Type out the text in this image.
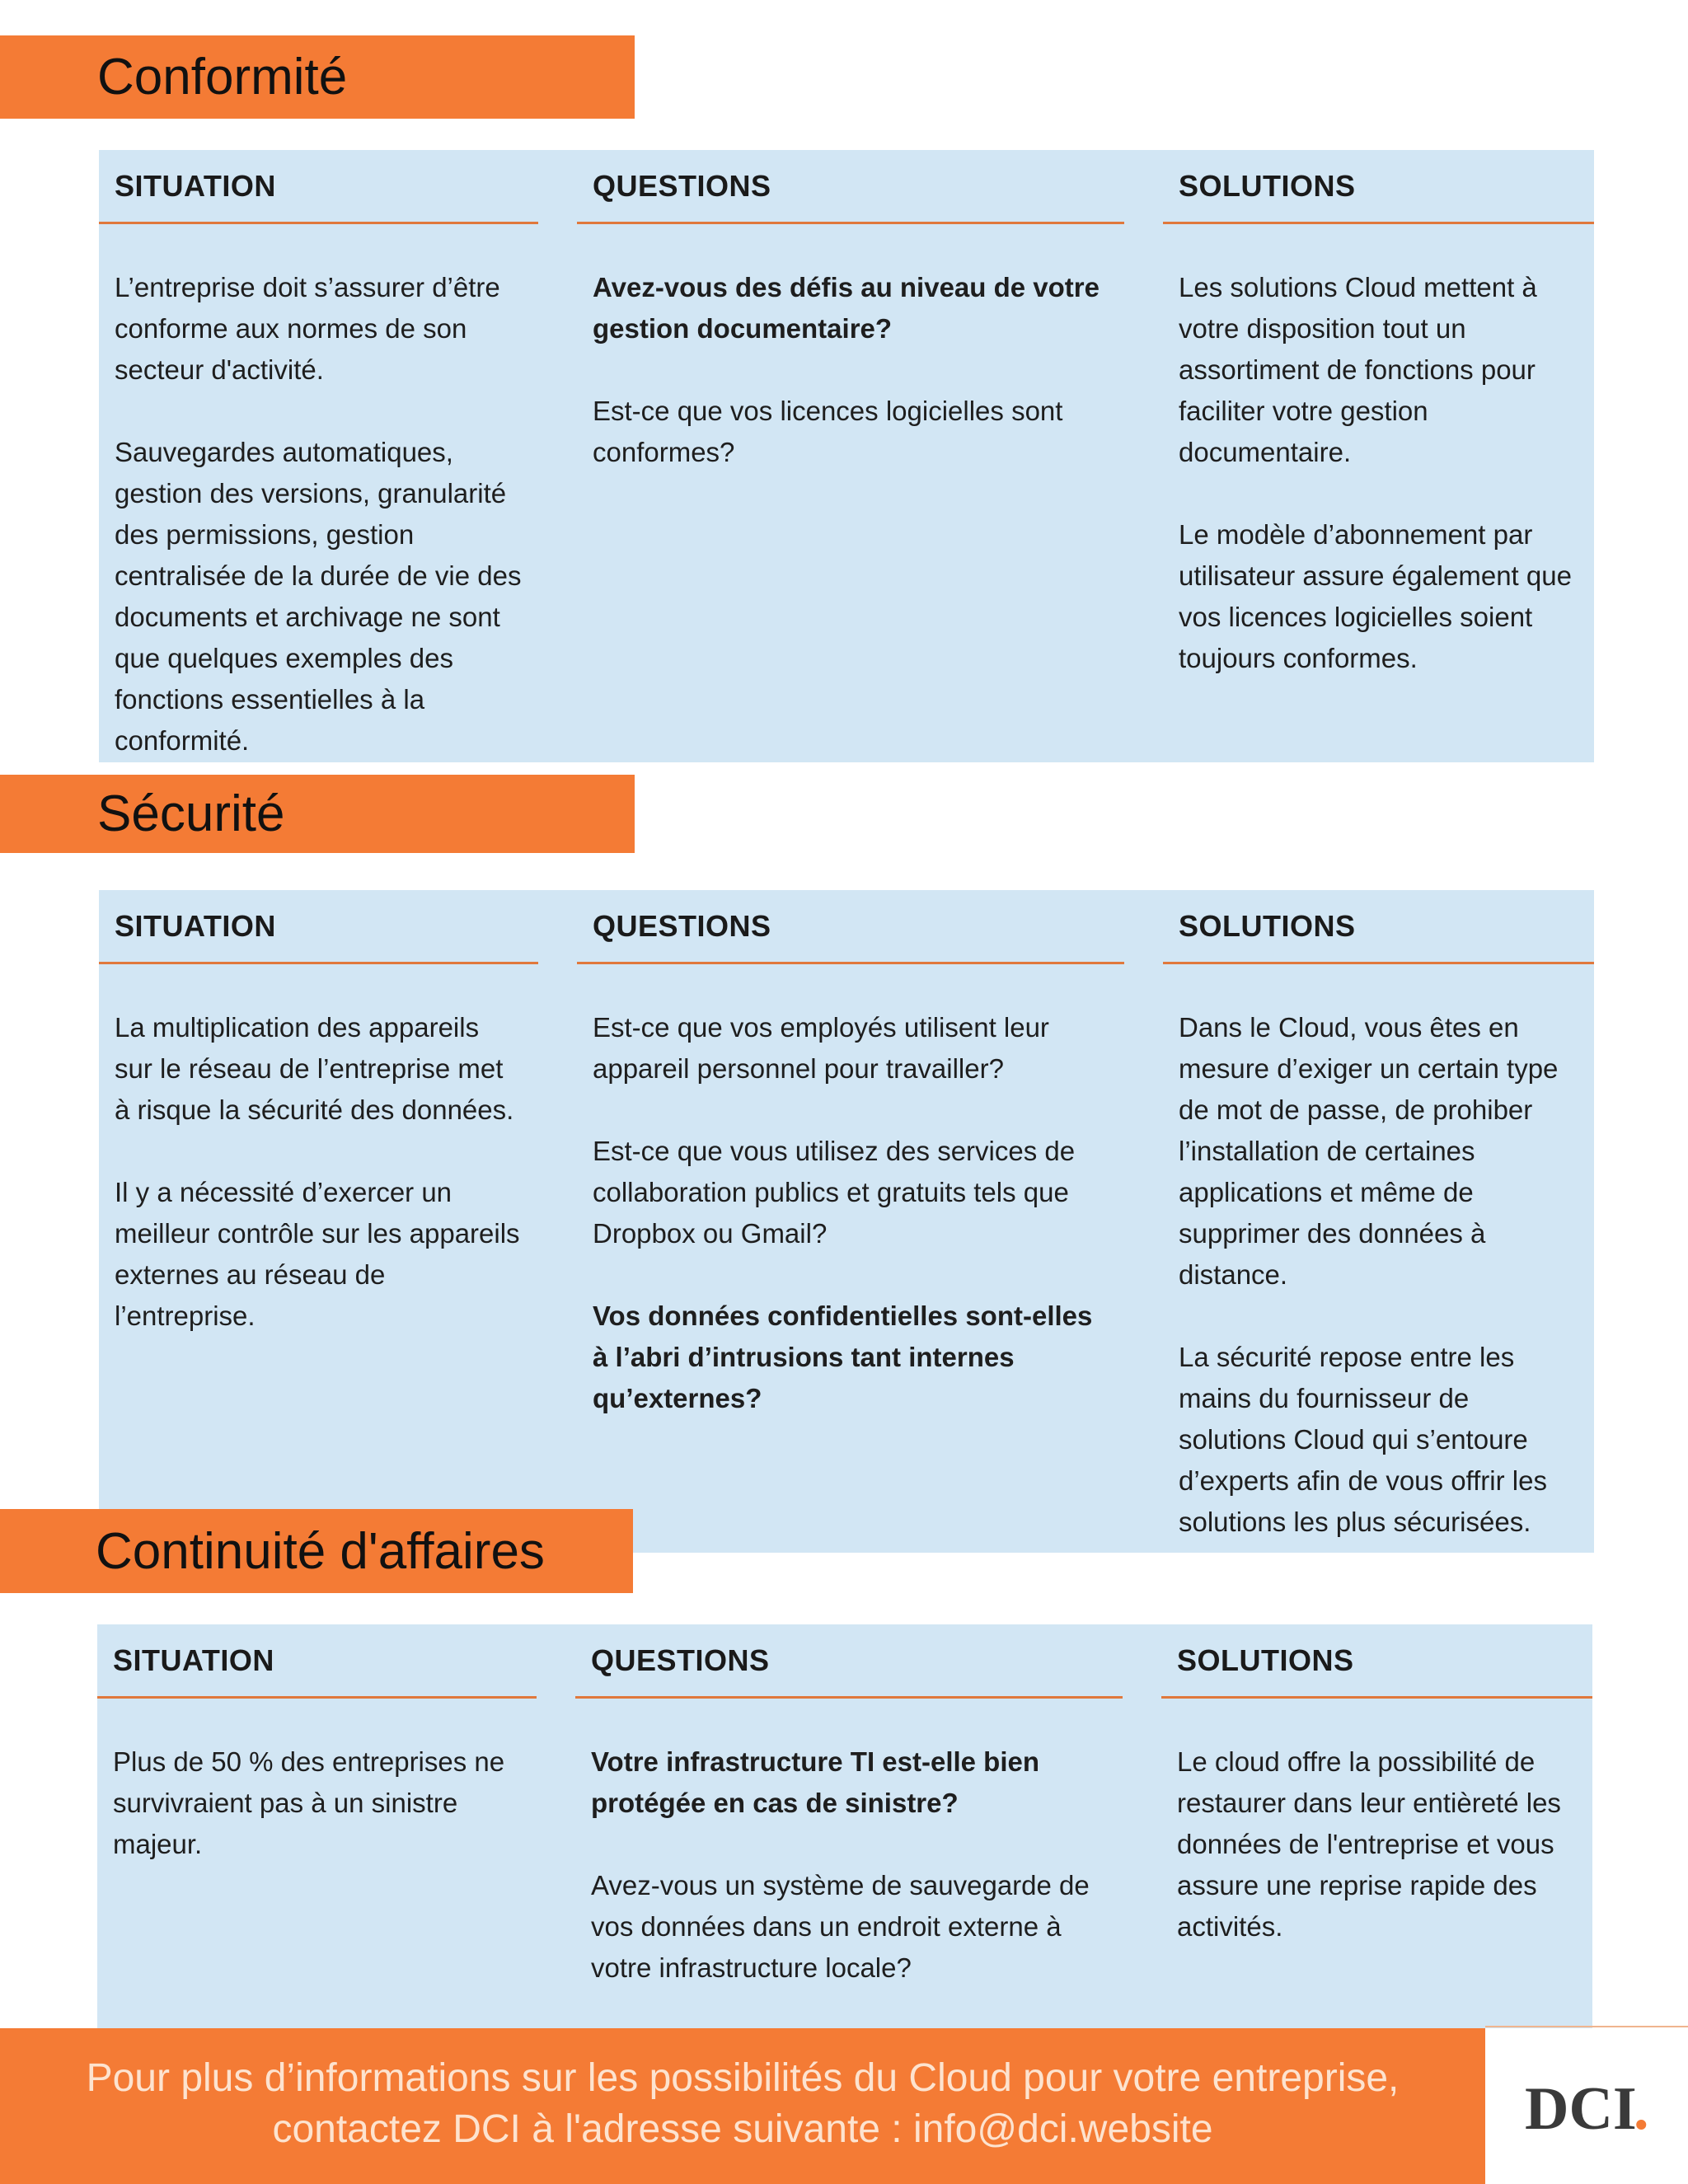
Conformité
SITUATION

L’entreprise doit s’assurer d’être conforme aux normes de son secteur d'activité.

Sauvegardes automatiques, gestion des versions, granularité des permissions, gestion centralisée de la durée de vie des documents et archivage ne sont que quelques exemples des fonctions essentielles à la conformité.

QUESTIONS

Avez-vous des défis au niveau de votre gestion documentaire?

Est-ce que vos licences logicielles sont conformes?

SOLUTIONS

Les solutions Cloud mettent à votre disposition tout un assortiment de fonctions pour faciliter votre gestion documentaire.

Le modèle d’abonnement par utilisateur assure également que vos licences logicielles soient toujours conformes.

Sécurité
SITUATION

La multiplication des appareils sur le réseau de l’entreprise met à risque la sécurité des données.

Il y a nécessité d’exercer un meilleur contrôle sur les appareils externes au réseau de l’entreprise.

QUESTIONS

Est-ce que vos employés utilisent leur appareil personnel pour travailler?

Est-ce que vous utilisez des services de collaboration publics et gratuits tels que Dropbox ou Gmail?

Vos données confidentielles sont-elles à l’abri d’intrusions tant internes qu’externes?

SOLUTIONS

Dans le Cloud, vous êtes en mesure d’exiger un certain type de mot de passe, de prohiber l’installation de certaines applications et même de supprimer des données à distance.

La sécurité repose entre les mains du fournisseur de solutions Cloud qui s’entoure d’experts afin de vous offrir les solutions les plus sécurisées.

Continuité d'affaires
SITUATION

Plus de 50 % des entreprises ne survivraient pas à un sinistre majeur.

QUESTIONS

Votre infrastructure TI est-elle bien protégée en cas de sinistre?

Avez-vous un système de sauvegarde de vos données dans un endroit externe à votre infrastructure locale?

SOLUTIONS

Le cloud offre la possibilité de restaurer dans leur entièreté les données de l'entreprise et vous assure une reprise rapide des activités.

Pour plus d’informations sur les possibilités du Cloud pour votre entreprise,
contactez DCI à l'adresse suivante : info@dci.website	DCI
.
